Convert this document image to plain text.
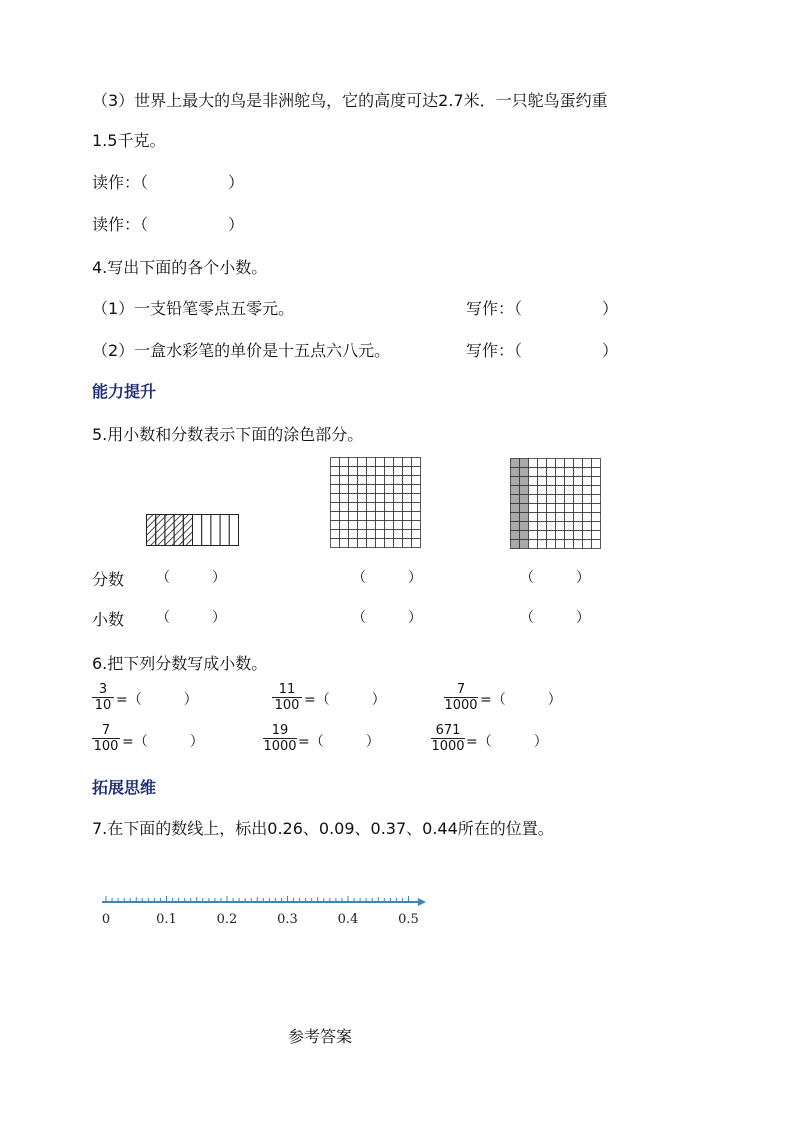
（3）世界上最大的鸟是非洲鸵鸟，它的高度可达2.7米．一只鸵鸟蛋约重
1.5千克。
读作：（　　　　　）
读作：（　　　　　）
4.写出下面的各个小数。
（1）一支铅笔零点五零元。	写作：（　　　　　）
（2）一盒水彩笔的单价是十五点六八元。	写作：（　　　　　）
能力提升
5.用小数和分数表示下面的涂色部分。
分数 （　　　）	（　　　）	（　　　）
小数 （　　　）	（　　　）	（　　　）
6.把下列分数写成小数。
$\frac{3}{10}$ =（　　　）	$\frac{11}{100}$ =（　　　）	$\frac{7}{1000}$ =（　　　）
$\frac{7}{100}$ =（　　　）	$\frac{19}{1000}$ =（　　　）	$\frac{671}{1000}$ =（　　　）
拓展思维
7.在下面的数线上，标出0.26、0.09、0.37、0.44所在的位置。
0	0.1	0.2	0.3	0.4	0.5
参考答案
